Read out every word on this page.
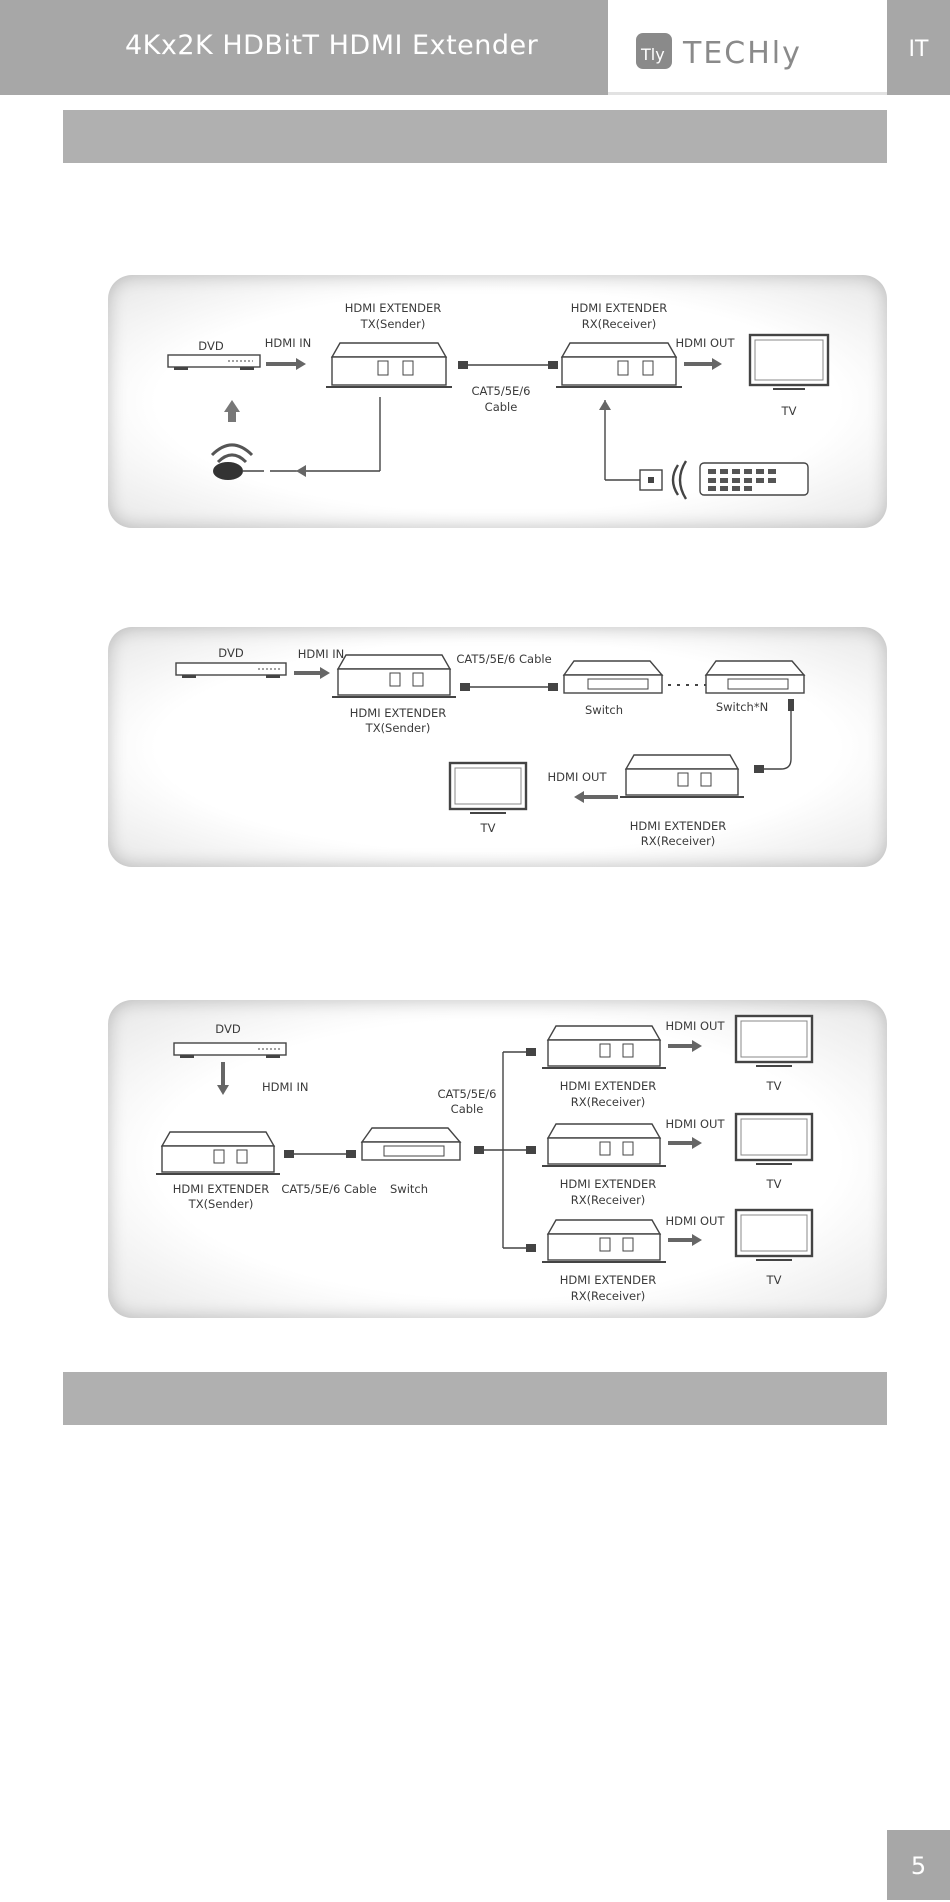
4Kx2K HDBitT HDMI Extender	Tly TECHly	IT
DVD	HDMI IN
HDMI EXTENDER
TX(Sender)
CAT5/5E/6
Cable
HDMI EXTENDER
RX(Receiver)
HDMI OUT
TV
DVD	HDMI IN
HDMI EXTENDER
TX(Sender)
CAT5/5E/6 Cable
Switch	Switch*N
HDMI EXTENDER
RX(Receiver)
HDMI OUT
TV
DVD
HDMI IN
HDMI EXTENDER
TX(Sender)
CAT5/5E/6 Cable Switch
CAT5/5E/6
Cable
HDMI EXTENDER
RX(Receiver)
HDMI OUT
TV
HDMI EXTENDER
RX(Receiver)
HDMI OUT
TV
HDMI EXTENDER
RX(Receiver)
HDMI OUT
TV
5
